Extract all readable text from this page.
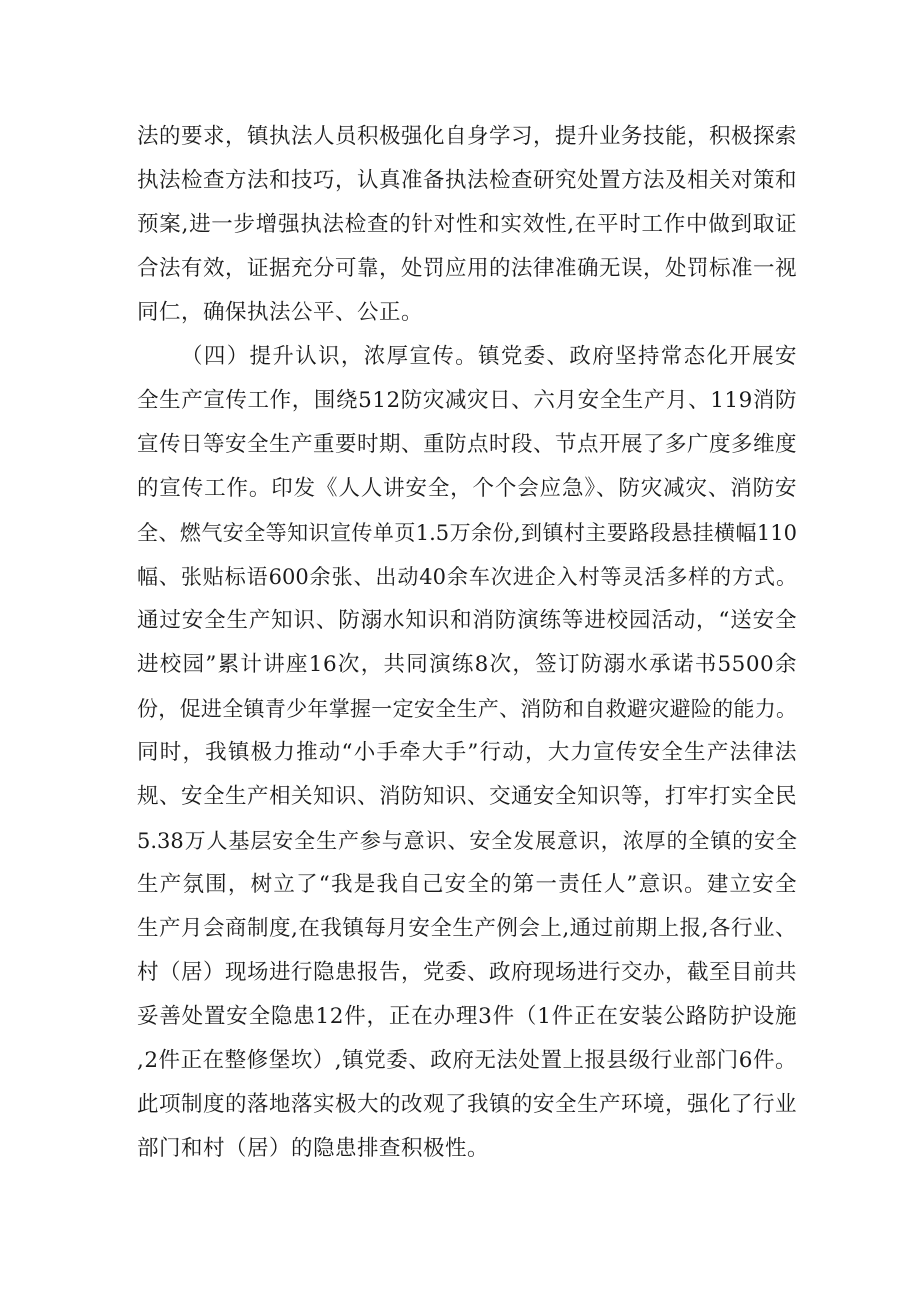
法的要求，镇执法人员积极强化自身学习，提升业务技能，积极探索
执法检查方法和技巧，认真准备执法检查研究处置方法及相关对策和
预案,进一步增强执法检查的针对性和实效性,在平时工作中做到取证
合法有效，证据充分可靠，处罚应用的法律准确无误，处罚标准一视
同仁，确保执法公平、公正。
（四）提升认识，浓厚宣传。镇党委、政府坚持常态化开展安
全生产宣传工作，围绕512防灾减灾日、六月安全生产月、119消防
宣传日等安全生产重要时期、重防点时段、节点开展了多广度多维度
的宣传工作。印发《人人讲安全，个个会应急》、防灾减灾、消防安
全、燃气安全等知识宣传单页1.5万余份,到镇村主要路段悬挂横幅110
幅、张贴标语600余张、出动40余车次进企入村等灵活多样的方式。
通过安全生产知识、防溺水知识和消防演练等进校园活动，“送安全
进校园”累计讲座16次，共同演练8次，签订防溺水承诺书5500余
份，促进全镇青少年掌握一定安全生产、消防和自救避灾避险的能力。
同时，我镇极力推动“小手牵大手”行动，大力宣传安全生产法律法
规、安全生产相关知识、消防知识、交通安全知识等，打牢打实全民
5.38万人基层安全生产参与意识、安全发展意识，浓厚的全镇的安全
生产氛围，树立了“我是我自己安全的第一责任人”意识。建立安全
生产月会商制度,在我镇每月安全生产例会上,通过前期上报,各行业、
村（居）现场进行隐患报告，党委、政府现场进行交办，截至目前共
妥善处置安全隐患12件，正在办理3件（1件正在安装公路防护设施
,2件正在整修堡坎）,镇党委、政府无法处置上报县级行业部门6件。
此项制度的落地落实极大的改观了我镇的安全生产环境，强化了行业
部门和村（居）的隐患排查积极性。
